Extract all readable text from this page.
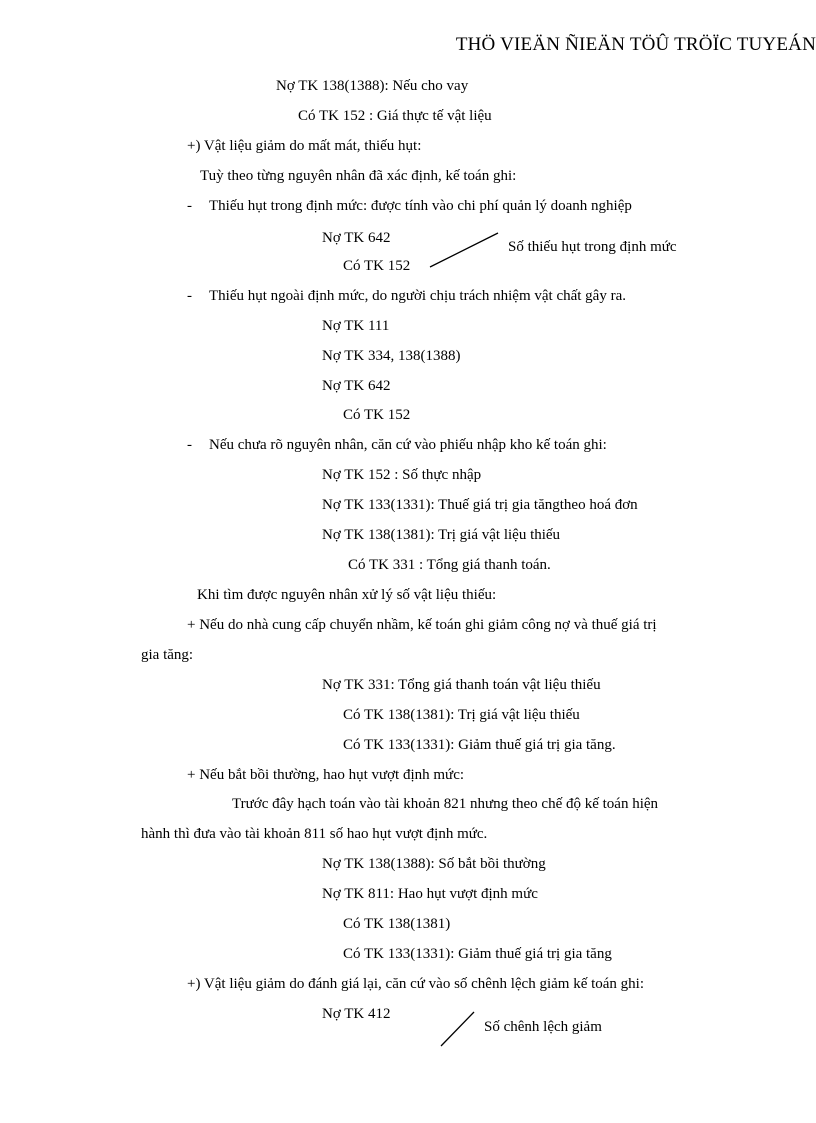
THÖ VIEÄN ÑIEÄN TÖÛ TRÖÏC TUYEÁN
Nợ TK 138(1388): Nếu cho vay
Có TK 152 : Giá thực tế vật liệu
+) Vật liệu giảm do mất mát, thiếu hụt:
Tuỳ theo từng nguyên nhân đã xác định, kế toán ghi:
- Thiếu hụt trong định mức: được tính vào chi phí quản lý doanh nghiệp
Nợ TK 642
Số thiếu hụt trong định mức
Có TK 152
- Thiếu hụt ngoài định mức, do người chịu trách nhiệm vật chất gây ra.
Nợ TK 111
Nợ TK 334, 138(1388)
Nợ TK 642
Có TK 152
- Nếu chưa rõ nguyên nhân, căn cứ vào phiếu nhập kho kế toán ghi:
Nợ TK 152 : Số thực nhập
Nợ TK 133(1331): Thuế giá trị gia tăngtheo hoá đơn
Nợ TK 138(1381): Trị giá vật liệu thiếu
Có TK 331 : Tổng giá thanh toán.
Khi tìm được nguyên nhân xử lý số vật liệu thiếu:
+ Nếu do nhà cung cấp chuyển nhầm, kế toán ghi giảm công nợ và thuế giá trị
gia tăng:
Nợ TK 331: Tổng giá thanh toán vật liệu thiếu
Có TK 138(1381): Trị giá vật liệu thiếu
Có TK 133(1331): Giảm thuế giá trị gia tăng.
+ Nếu bắt bồi thường, hao hụt vượt định mức:
Trước đây hạch toán vào tài khoản 821 nhưng theo chế độ kế toán hiện
hành thì đưa vào tài khoản 811 số hao hụt vượt định mức.
Nợ TK 138(1388): Số bắt bồi thường
Nợ TK 811: Hao hụt vượt định mức
Có TK 138(1381)
Có TK 133(1331): Giảm thuế giá trị gia tăng
+) Vật liệu giảm do đánh giá lại, căn cứ vào số chênh lệch giảm kế toán ghi:
Nợ TK 412
Số chênh lệch giảm
